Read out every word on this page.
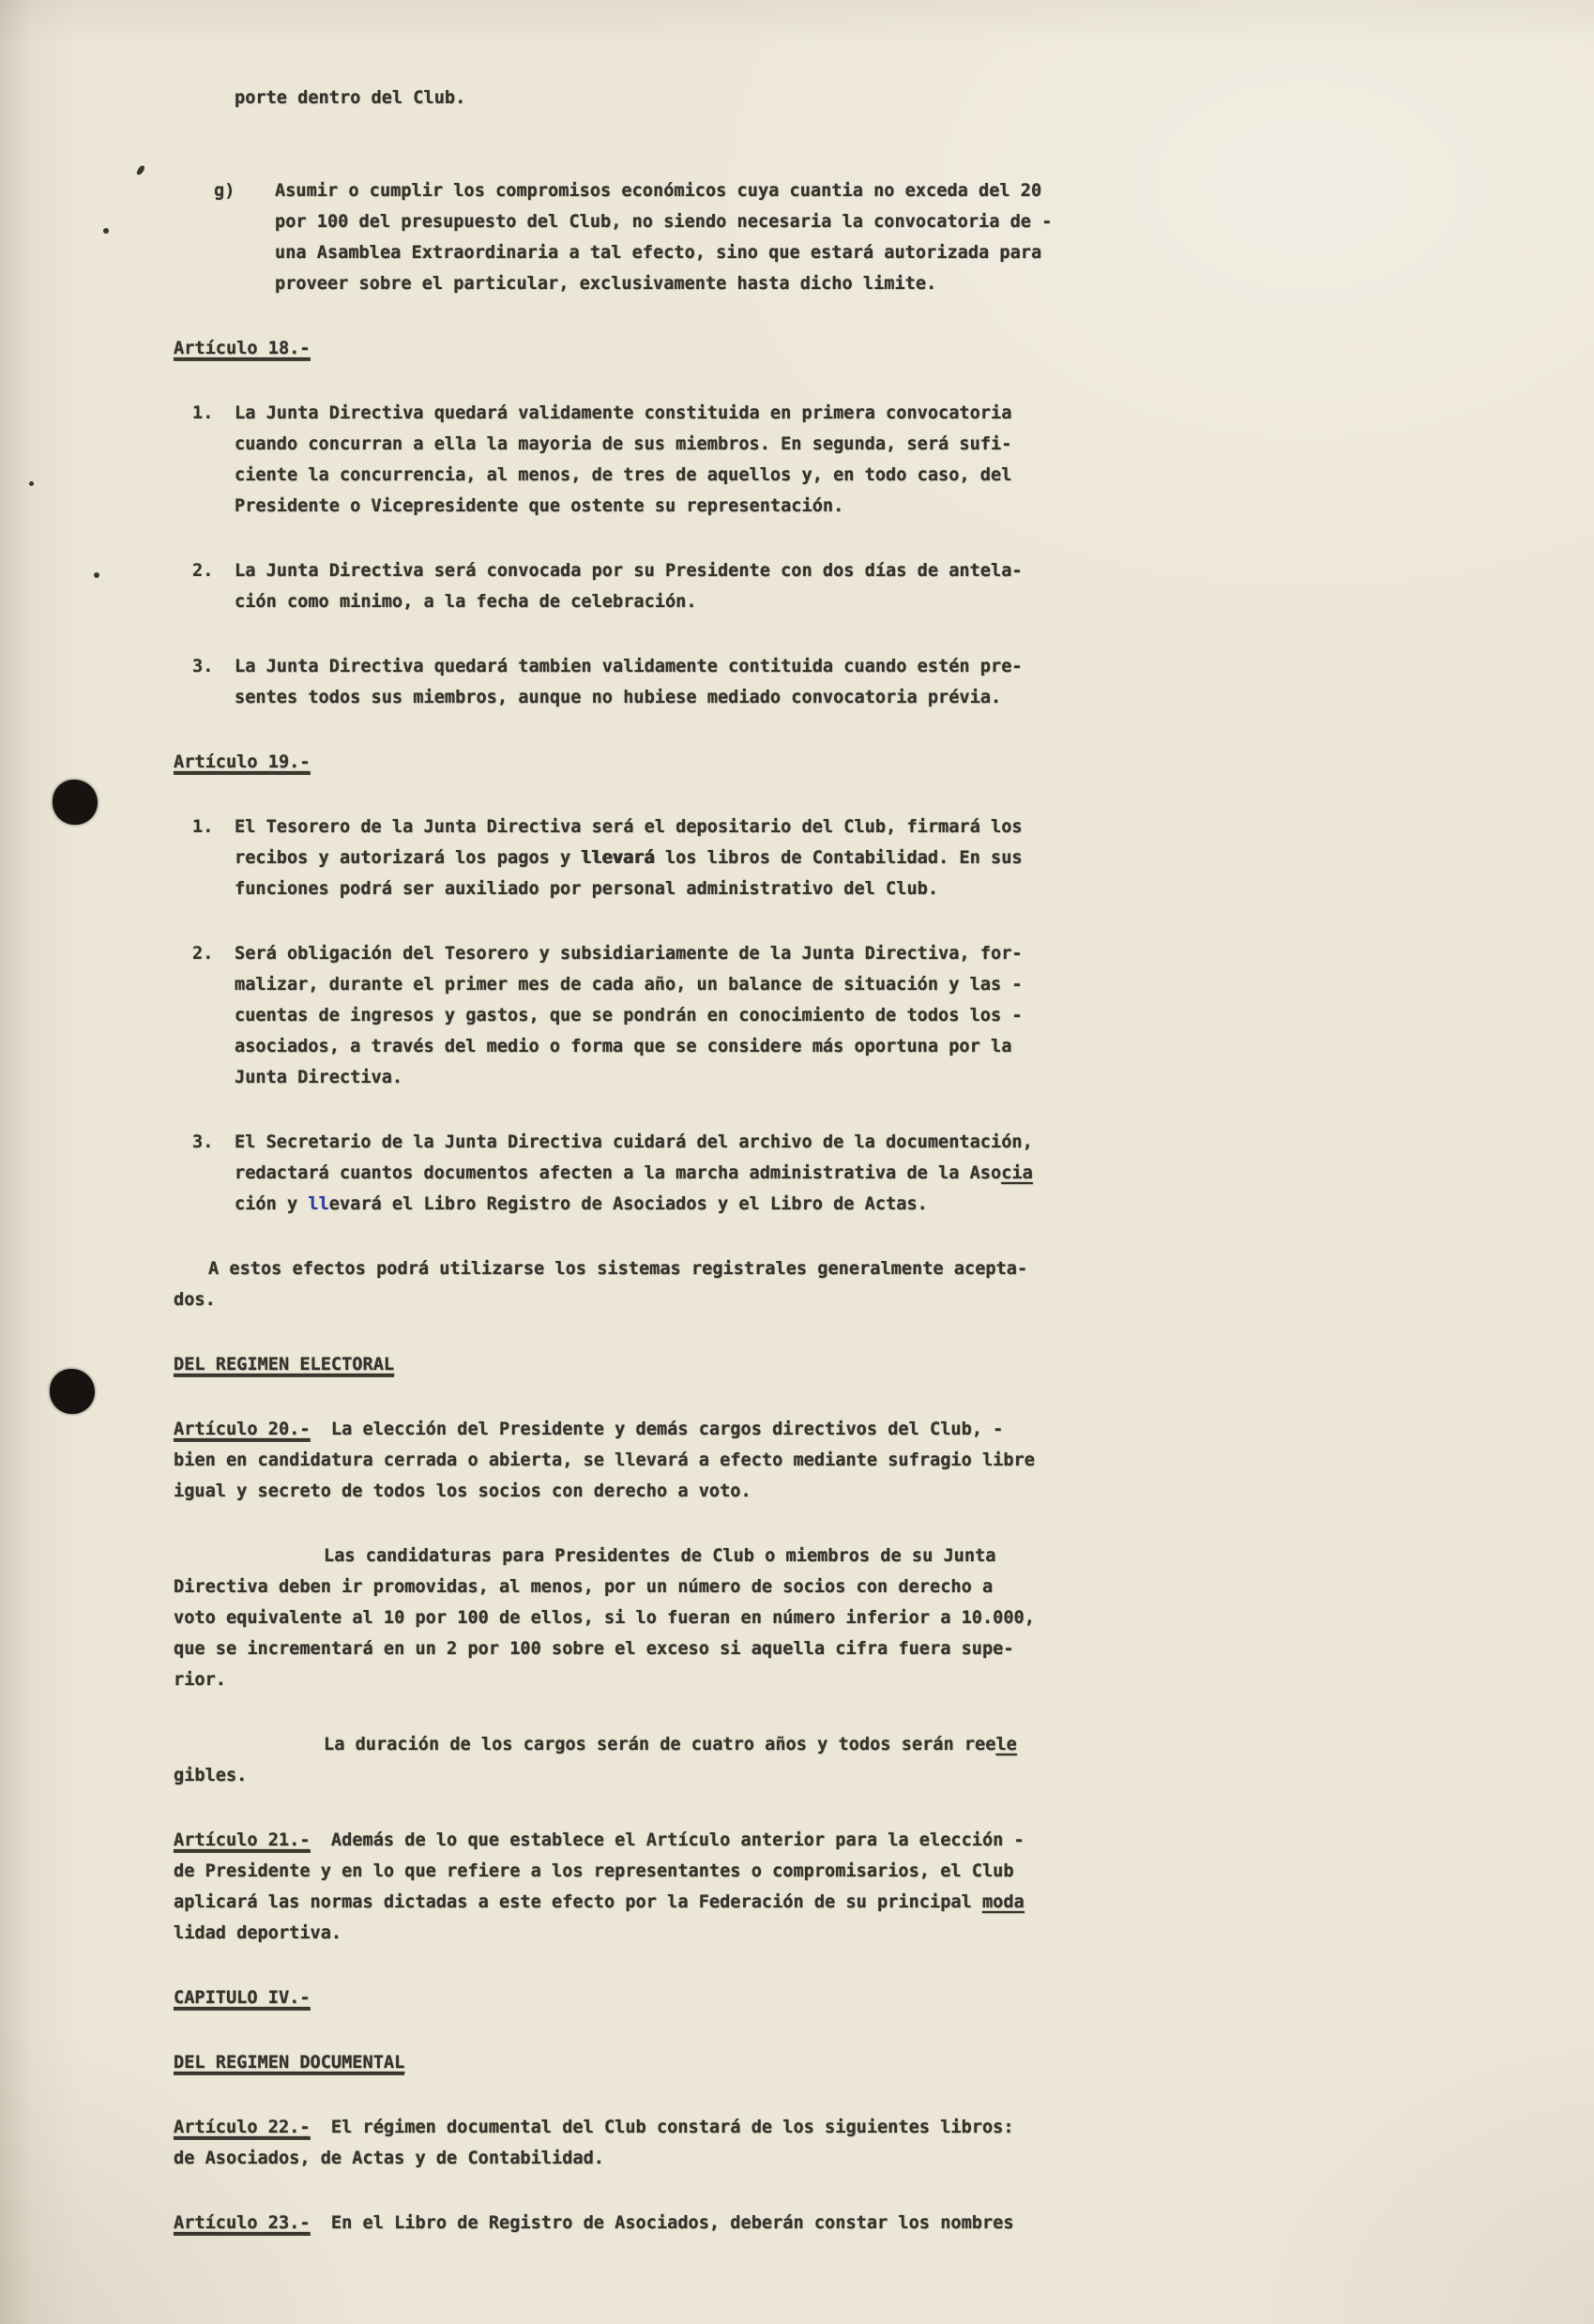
porte dentro del Club.
g)	Asumir o cumplir los compromisos económicos cuya cuantia no exceda del 20
por 100 del presupuesto del Club, no siendo necesaria la convocatoria de -
una Asamblea Extraordinaria a tal efecto, sino que estará autorizada para
proveer sobre el particular, exclusivamente hasta dicho limite.
Artículo 18.-
1.	La Junta Directiva quedará validamente constituida en primera convocatoria
cuando concurran a ella la mayoria de sus miembros. En segunda, será sufi-
ciente la concurrencia, al menos, de tres de aquellos y, en todo caso, del
Presidente o Vicepresidente que ostente su representación.
2.	La Junta Directiva será convocada por su Presidente con dos días de antela-
ción como minimo, a la fecha de celebración.
3.	La Junta Directiva quedará tambien validamente contituida cuando estén pre-
sentes todos sus miembros, aunque no hubiese mediado convocatoria prévia.
Artículo 19.-
1.	El Tesorero de la Junta Directiva será el depositario del Club, firmará los
recibos y autorizará los pagos y llevará los libros de Contabilidad. En sus
funciones podrá ser auxiliado por personal administrativo del Club.
2.	Será obligación del Tesorero y subsidiariamente de la Junta Directiva, for-
malizar, durante el primer mes de cada año, un balance de situación y las -
cuentas de ingresos y gastos, que se pondrán en conocimiento de todos los -
asociados, a través del medio o forma que se considere más oportuna por la
Junta Directiva.
3.	El Secretario de la Junta Directiva cuidará del archivo de la documentación,
redactará cuantos documentos afecten a la marcha administrativa de la Asocia
ción y llevará el Libro Registro de Asociados y el Libro de Actas.
A estos efectos podrá utilizarse los sistemas registrales generalmente acepta-
dos.
DEL REGIMEN ELECTORAL
Artículo 20.-  La elección del Presidente y demás cargos directivos del Club, -
bien en candidatura cerrada o abierta, se llevará a efecto mediante sufragio libre
igual y secreto de todos los socios con derecho a voto.
Las candidaturas para Presidentes de Club o miembros de su Junta
Directiva deben ir promovidas, al menos, por un número de socios con derecho a
voto equivalente al 10 por 100 de ellos, si lo fueran en número inferior a 10.000,
que se incrementará en un 2 por 100 sobre el exceso si aquella cifra fuera supe-
rior.
La duración de los cargos serán de cuatro años y todos serán reele
gibles.
Artículo 21.-  Además de lo que establece el Artículo anterior para la elección -
de Presidente y en lo que refiere a los representantes o compromisarios, el Club
aplicará las normas dictadas a este efecto por la Federación de su principal moda
lidad deportiva.
CAPITULO IV.-
DEL REGIMEN DOCUMENTAL
Artículo 22.-  El régimen documental del Club constará de los siguientes libros:
de Asociados, de Actas y de Contabilidad.
Artículo 23.-  En el Libro de Registro de Asociados, deberán constar los nombres
